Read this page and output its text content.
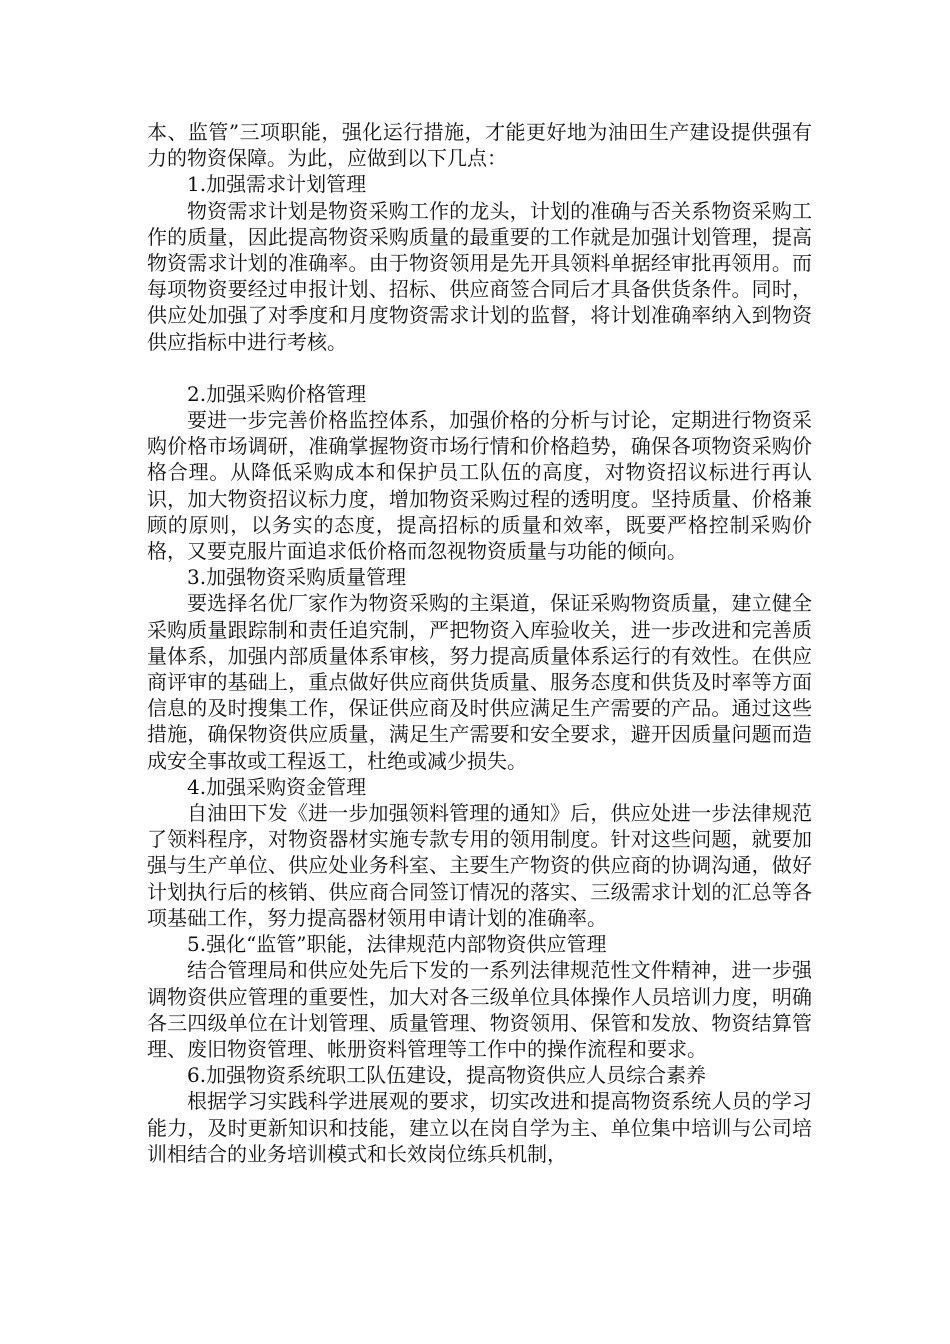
本、监管”三项职能，强化运行措施，才能更好地为油田生产建设提供强有力的物资保障。为此，应做到以下几点：

1.加强需求计划管理

物资需求计划是物资采购工作的龙头，计划的准确与否关系物资采购工作的质量，因此提高物资采购质量的最重要的工作就是加强计划管理，提高物资需求计划的准确率。由于物资领用是先开具领料单据经审批再领用。而每项物资要经过申报计划、招标、供应商签合同后才具备供货条件。同时，供应处加强了对季度和月度物资需求计划的监督，将计划准确率纳入到物资供应指标中进行考核。

2.加强采购价格管理

要进一步完善价格监控体系，加强价格的分析与讨论，定期进行物资采购价格市场调研，准确掌握物资市场行情和价格趋势，确保各项物资采购价格合理。从降低采购成本和保护员工队伍的高度，对物资招议标进行再认识，加大物资招议标力度，增加物资采购过程的透明度。坚持质量、价格兼顾的原则，以务实的态度，提高招标的质量和效率，既要严格控制采购价格，又要克服片面追求低价格而忽视物资质量与功能的倾向。

3.加强物资采购质量管理

要选择名优厂家作为物资采购的主渠道，保证采购物资质量，建立健全采购质量跟踪制和责任追究制，严把物资入库验收关，进一步改进和完善质量体系，加强内部质量体系审核，努力提高质量体系运行的有效性。在供应商评审的基础上，重点做好供应商供货质量、服务态度和供货及时率等方面信息的及时搜集工作，保证供应商及时供应满足生产需要的产品。通过这些措施，确保物资供应质量，满足生产需要和安全要求，避开因质量问题而造成安全事故或工程返工，杜绝或减少损失。

4.加强采购资金管理

自油田下发《进一步加强领料管理的通知》后，供应处进一步法律规范了领料程序，对物资器材实施专款专用的领用制度。针对这些问题，就要加强与生产单位、供应处业务科室、主要生产物资的供应商的协调沟通，做好计划执行后的核销、供应商合同签订情况的落实、三级需求计划的汇总等各项基础工作，努力提高器材领用申请计划的准确率。

5.强化“监管”职能，法律规范内部物资供应管理

结合管理局和供应处先后下发的一系列法律规范性文件精神，进一步强调物资供应管理的重要性，加大对各三级单位具体操作人员培训力度，明确各三四级单位在计划管理、质量管理、物资领用、保管和发放、物资结算管理、废旧物资管理、帐册资料管理等工作中的操作流程和要求。

6.加强物资系统职工队伍建设，提高物资供应人员综合素养

根据学习实践科学进展观的要求，切实改进和提高物资系统人员的学习能力，及时更新知识和技能，建立以在岗自学为主、单位集中培训与公司培训相结合的业务培训模式和长效岗位练兵机制，
